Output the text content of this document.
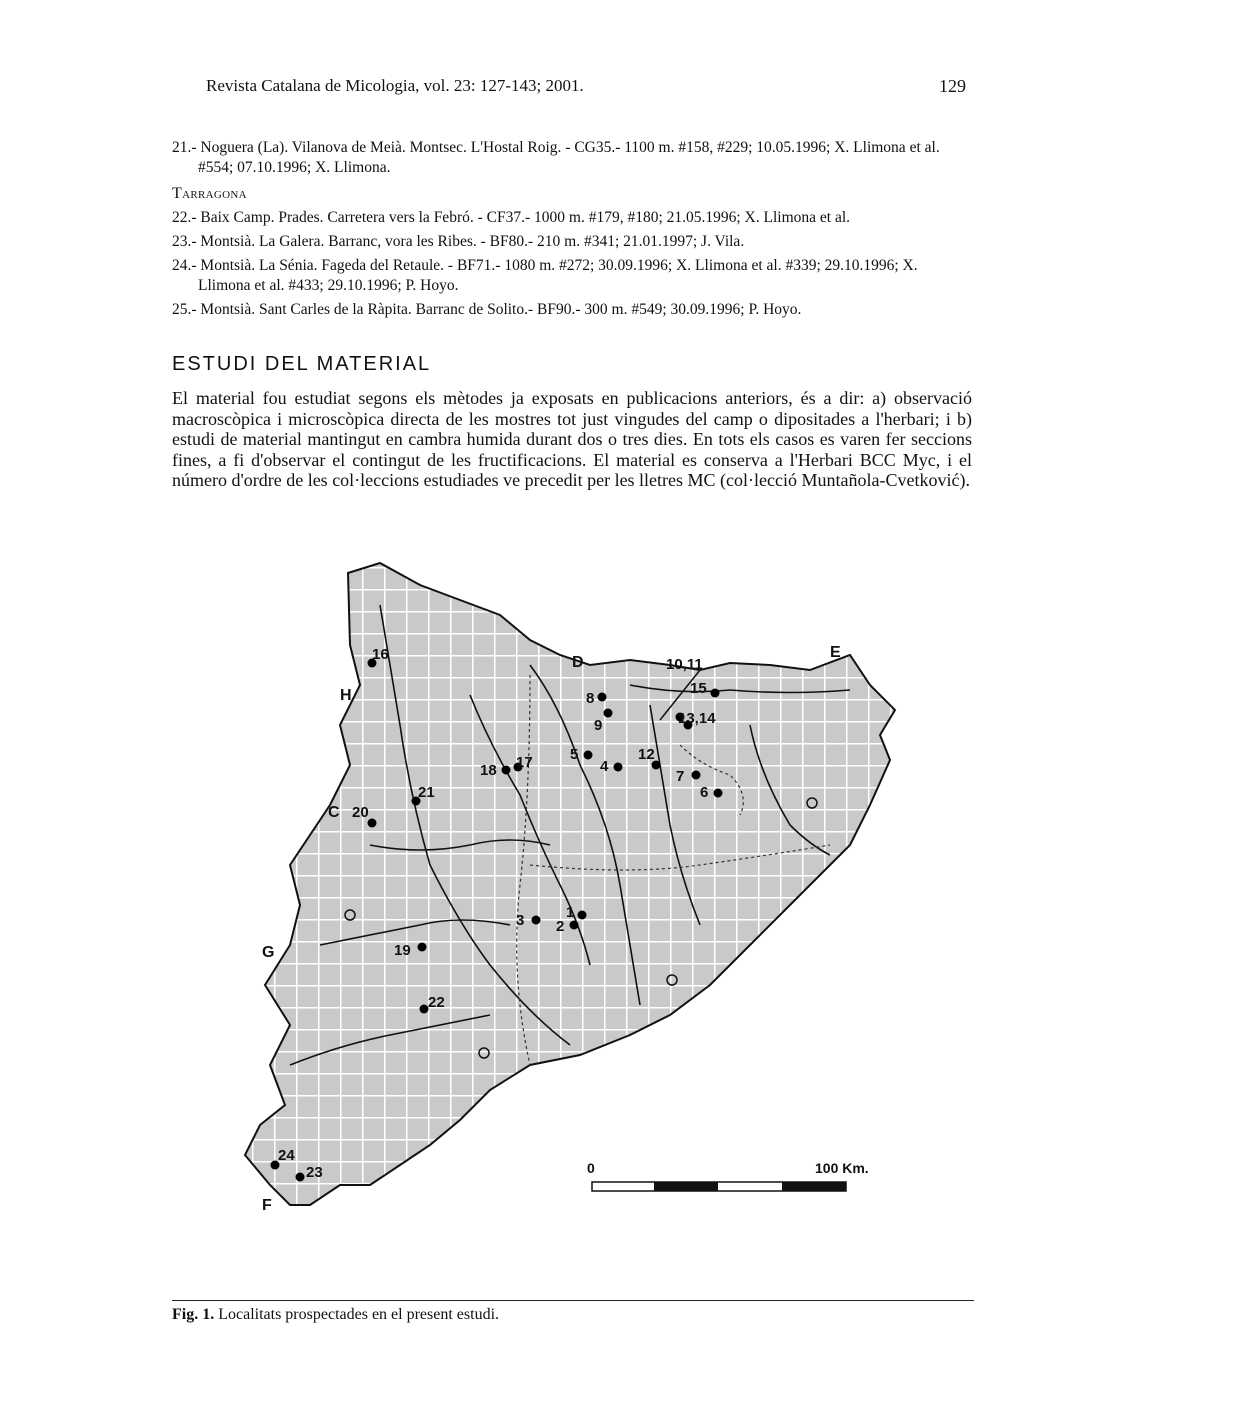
Revista Catalana de Micologia, vol. 23: 127-143; 2001.	129

21.- Noguera (La). Vilanova de Meià. Montsec. L'Hostal Roig. - CG35.- 1100 m. #158, #229; 10.05.1996; X. Llimona et al. #554; 07.10.1996; X. Llimona.

Tarragona

22.- Baix Camp. Prades. Carretera vers la Febró. - CF37.- 1000 m. #179, #180; 21.05.1996; X. Llimona et al.

23.- Montsià. La Galera. Barranc, vora les Ribes. - BF80.- 210 m. #341; 21.01.1997; J. Vila.

24.- Montsià. La Sénia. Fageda del Retaule. - BF71.- 1080 m. #272; 30.09.1996; X. Llimona et al. #339; 29.10.1996; X. Llimona et al. #433; 29.10.1996; P. Hoyo.

25.- Montsià. Sant Carles de la Ràpita. Barranc de Solito.- BF90.- 300 m. #549; 30.09.1996; P. Hoyo.

ESTUDI DEL MATERIAL
El material fou estudiat segons els mètodes ja exposats en publicacions anteriors, és a dir: a) observació macroscòpica i microscòpica directa de les mostres tot just vingudes del camp o dipositades a l'herbari; i b) estudi de material mantingut en cambra humida durant dos o tres dies. En tots els casos es varen fer seccions fines, a fi d'observar el contingut de les fructificacions. El material es conserva a l'Herbari BCC Myc, i el número d'ordre de les col·leccions estudiades ve precedit per les lletres MC (col·lecció Muntañola-Cvetković).
D
E
H
C
G
F
10,11
16
8
15
9	13,14
5
4
12
18 17
7
6
21
20
3	1
2
19
22
24
23	0	100 Km.
Fig. 1. Localitats prospectades en el present estudi.
